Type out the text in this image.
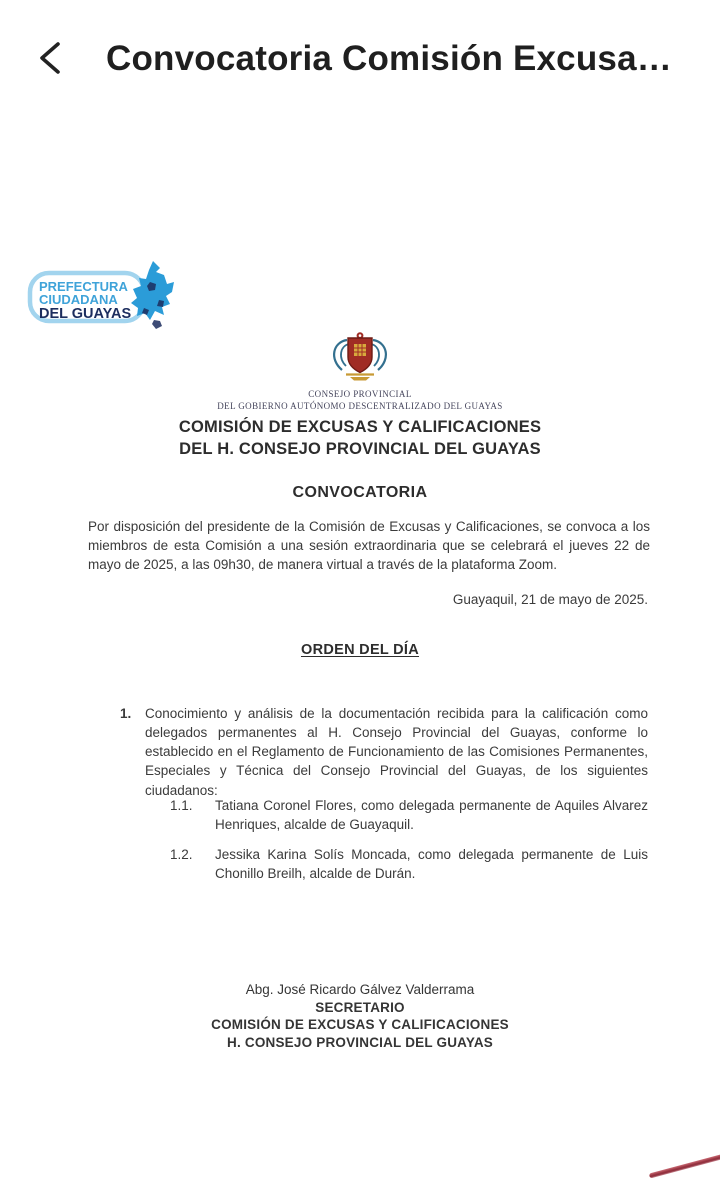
Convocatoria Comisión Excusa…
PREFECTURA
CIUDADANA
DEL GUAYAS
CONSEJO PROVINCIAL
DEL GOBIERNO AUTÓNOMO DESCENTRALIZADO DEL GUAYAS
COMISIÓN DE EXCUSAS Y CALIFICACIONES
DEL H. CONSEJO PROVINCIAL DEL GUAYAS
CONVOCATORIA

Por disposición del presidente de la Comisión de Excusas y Calificaciones, se convoca a los miembros de esta Comisión a una sesión extraordinaria que se celebrará el jueves 22 de mayo de 2025, a las 09h30, de manera virtual a través de la plataforma Zoom.

Guayaquil, 21 de mayo de 2025.
ORDEN DEL DÍA
1.	Conocimiento y análisis de la documentación recibida para la calificación como delegados permanentes al H. Consejo Provincial del Guayas, conforme lo establecido en el Reglamento de Funcionamiento de las Comisiones Permanentes, Especiales y Técnica del Consejo Provincial del Guayas, de los siguientes ciudadanos:
1.1.	Tatiana Coronel Flores, como delegada permanente de Aquiles Alvarez Henriques, alcalde de Guayaquil.
1.2.	Jessika Karina Solís Moncada, como delegada permanente de Luis Chonillo Breilh, alcalde de Durán.
Abg. José Ricardo Gálvez Valderrama
SECRETARIO
COMISIÓN DE EXCUSAS Y CALIFICACIONES
H. CONSEJO PROVINCIAL DEL GUAYAS
